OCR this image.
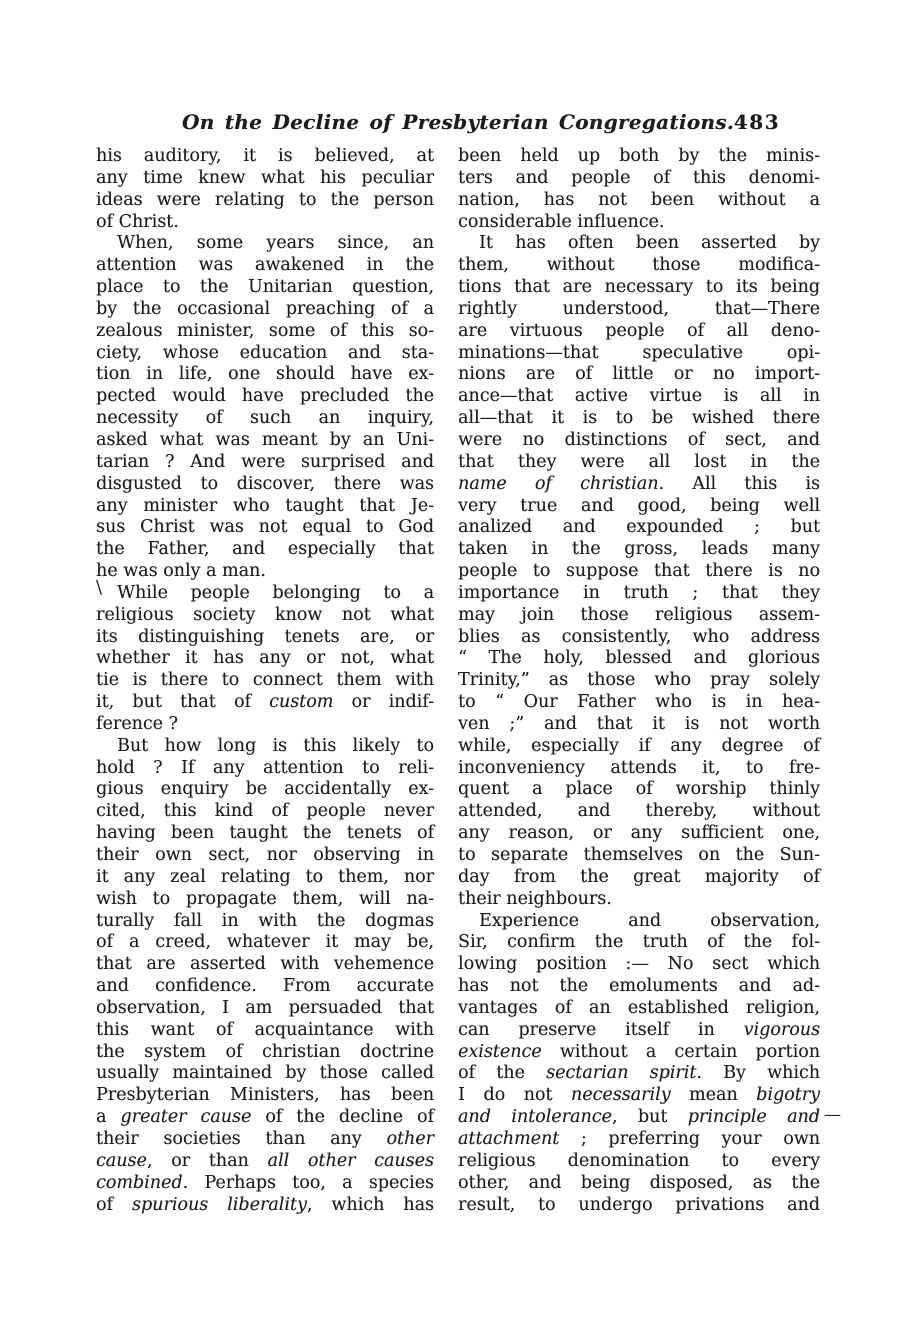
On the Decline of Presbyterian Congregations. 483
his auditory, it is believed, at
any time knew what his peculiar
ideas were relating to the person
of Christ.
When, some years since, an
attention was awakened in the
place to the Unitarian question,
by the occasional preaching of a
zealous minister, some of this so-
ciety, whose education and sta-
tion in life, one should have ex-
pected would have precluded the
necessity of such an inquiry,
asked what was meant by an Uni-
tarian ? And were surprised and
disgusted to discover, there was
any minister who taught that Je-
sus Christ was not equal to God
the Father, and especially that
he was only a man.
While people belonging to a
religious society know not what
its distinguishing tenets are, or
whether it has any or not, what
tie is there to connect them with
it, but that of custom or indif-
ference ?
But how long is this likely to
hold ? If any attention to reli-
gious enquiry be accidentally ex-
cited, this kind of people never
having been taught the tenets of
their own sect, nor observing in
it any zeal relating to them, nor
wish to propagate them, will na-
turally fall in with the dogmas
of a creed, whatever it may be,
that are asserted with vehemence
and confidence. From accurate
observation, I am persuaded that
this want of acquaintance with
the system of christian doctrine
usually maintained by those called
Presbyterian Ministers, has been
a greater cause of the decline of
their societies than any other
cause, or than all other causes
combined. Perhaps too, a species
of spurious liberality, which has
been held up both by the minis-
ters and people of this denomi-
nation, has not been without a
considerable influence.
It has often been asserted by
them, without those modifica-
tions that are necessary to its being
rightly understood, that—There
are virtuous people of all deno-
minations—that speculative opi-
nions are of little or no import-
ance—that active virtue is all in
all—that it is to be wished there
were no distinctions of sect, and
that they were all lost in the
name of christian. All this is
very true and good, being well
analized and expounded ; but
taken in the gross, leads many
people to suppose that there is no
importance in truth ; that they
may join those religious assem-
blies as consistently, who address
“ The holy, blessed and glorious
Trinity,” as those who pray solely
to “ Our Father who is in hea-
ven ;” and that it is not worth
while, especially if any degree of
inconveniency attends it, to fre-
quent a place of worship thinly
attended, and thereby, without
any reason, or any sufficient one,
to separate themselves on the Sun-
day from the great majority of
their neighbours.
Experience and observation,
Sir, confirm the truth of the fol-
lowing position :— No sect which
has not the emoluments and ad-
vantages of an established religion,
can preserve itself in vigorous
existence without a certain portion
of the sectarian spirit. By which
I do not necessarily mean bigotry
and intolerance, but principle and
attachment ; preferring your own
religious denomination to every
other, and being disposed, as the
result, to undergo privations and
\
—
